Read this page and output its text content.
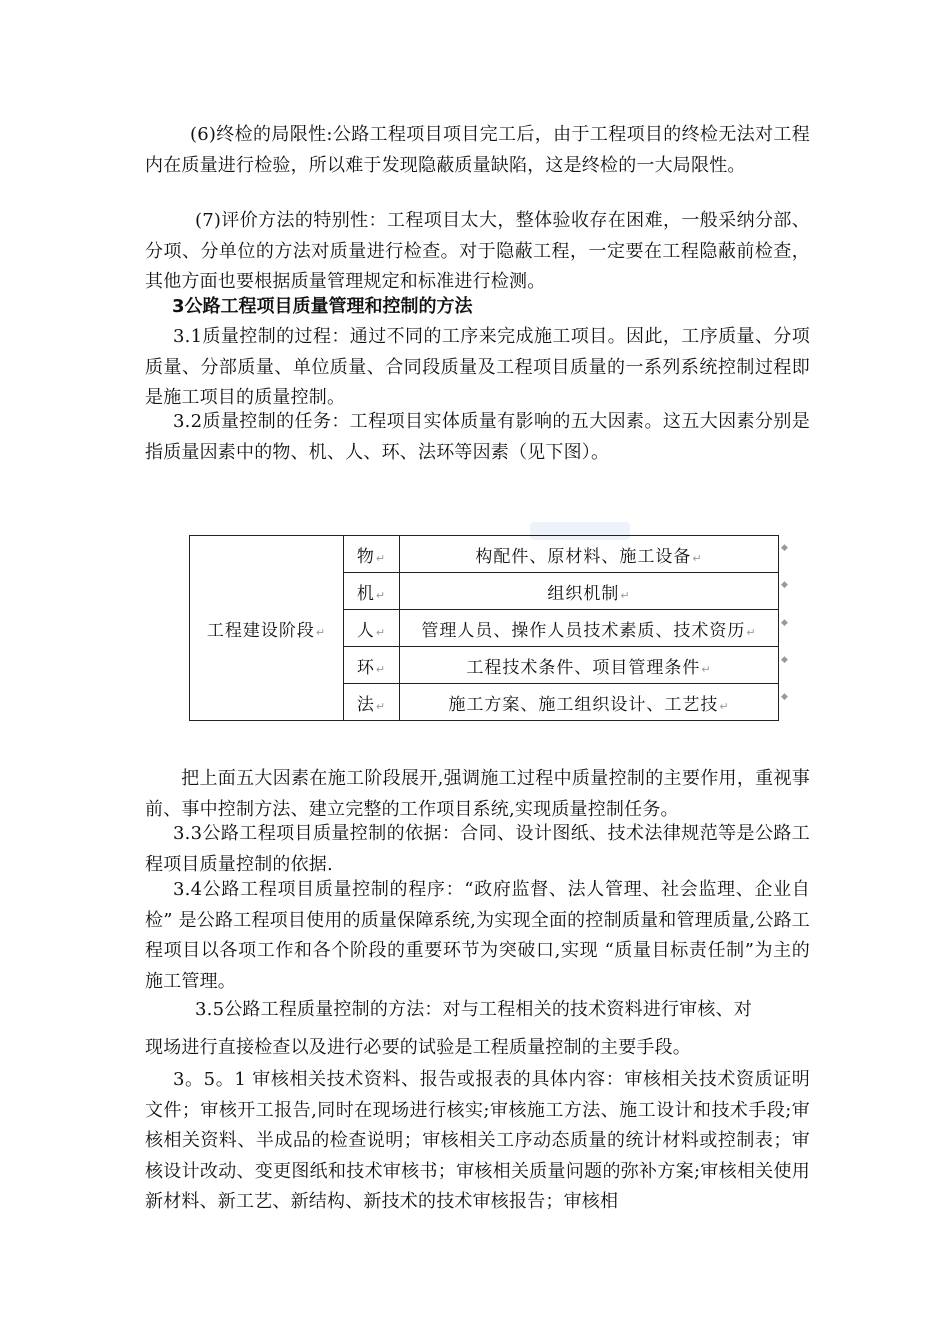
(6)终检的局限性:公路工程项目项目完工后，由于工程项目的终检无法对工程内在质量进行检验，所以难于发现隐蔽质量缺陷，这是终检的一大局限性。

(7)评价方法的特别性：工程项目太大，整体验收存在困难，一般采纳分部、分项、分单位的方法对质量进行检查。对于隐蔽工程，一定要在工程隐蔽前检查，其他方面也要根据质量管理规定和标准进行检测。

3公路工程项目质量管理和控制的方法

3.1质量控制的过程：通过不同的工序来完成施工项目。因此，工序质量、分项质量、分部质量、单位质量、合同段质量及工程项目质量的一系列系统控制过程即是施工项目的质量控制。

3.2质量控制的任务：工程项目实体质量有影响的五大因素。这五大因素分别是指质量因素中的物、机、人、环、法环等因素（见下图）。

工程建设阶段↵	物↵	构配件、原材料、施工设备↵
	机↵	组织机制↵
	人↵	管理人员、操作人员技术素质、技术资历↵
	环↵	工程技术条件、项目管理条件↵
	法↵	施工方案、施工组织设计、工艺技↵
◆
◆
◆
◆
◆

把上面五大因素在施工阶段展开,强调施工过程中质量控制的主要作用，重视事前、事中控制方法、建立完整的工作项目系统,实现质量控制任务。

3.3公路工程项目质量控制的依据：合同、设计图纸、技术法律规范等是公路工程项目质量控制的依据.

3.4公路工程项目质量控制的程序：“政府监督、法人管理、社会监理、企业自检” 是公路工程项目使用的质量保障系统,为实现全面的控制质量和管理质量,公路工程项目以各项工作和各个阶段的重要环节为突破口,实现 “质量目标责任制”为主的施工管理。

3.5公路工程质量控制的方法：对与工程相关的技术资料进行审核、对

现场进行直接检查以及进行必要的试验是工程质量控制的主要手段。

3。5。1 审核相关技术资料、报告或报表的具体内容：审核相关技术资质证明文件；审核开工报告,同时在现场进行核实;审核施工方法、施工设计和技术手段;审核相关资料、半成品的检查说明；审核相关工序动态质量的统计材料或控制表；审核设计改动、变更图纸和技术审核书；审核相关质量问题的弥补方案;审核相关使用新材料、新工艺、新结构、新技术的技术审核报告；审核相
